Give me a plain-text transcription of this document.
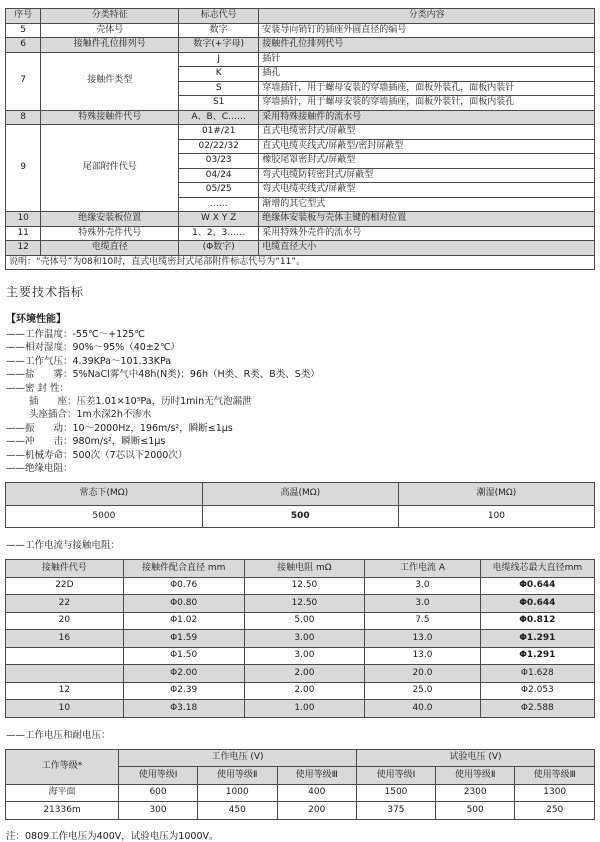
序号	分类特征	标志代号	分类内容
5	壳体号	数字	安装导向销钉的插座外圆直径的编号
6	接触件孔位排列号	数字(+字母)	接触件孔位排列代号
7	接触件类型	J	插针
		K	插孔
		S	穿墙插针，用于螺母安装的穿墙插座，面板外装孔，面板内装针
		S1	穿墙插针，用于螺母安装的穿墙插座，面板外装针，面板内装孔
8	特殊接触件代号	A、B、C……	采用特殊接触件的流水号
9	尾部附件代号	01#/21	直式电缆密封式/屏蔽型
		02/22/32	直式电缆夹线式/屏蔽型/密封屏蔽型
		03/23	橡胶尾罩密封式/屏蔽型
		04/24	弯式电缆防转密封式/屏蔽型
		05/25	弯式电缆夹线式/屏蔽型
		……	渐增的其它型式
10	绝缘安装板位置	W X Y Z	绝缘体安装板与壳体主键的相对位置
11	特殊外壳件代号	1、2、3……	采用特殊外壳件的流水号
12	电缆直径	(Φ数字)	电缆直径大小
说明：“壳体号”为08和10时，直式电缆密封式尾部附件标志代号为“11”。			
主要技术指标
【环境性能】
——工作温度：-55℃～+125℃
——相对湿度：90%～95%（40±2℃）
——工作气压：4.39KPa～101.33KPa
——盐　　雾：5%NaCl雾气中48h(N类)；96h（H类、R类、B类、S类）
——密 封 性：
插　　座：压差1.01×10⁵Pa，历时1min无气泡漏泄
头座插合：1m水深2h不渗水
——振　　动：10～2000Hz，196m/s²，瞬断≤1μs
——冲　　击：980m/s²，瞬断≤1μs
——机械寿命：500次（7芯以下2000次）
——绝缘电阻：
常态下(MΩ)	高温(MΩ)	潮湿(MΩ)
5000	500	100
——工作电流与接触电阻：
接触件代号	接触件配合直径 mm	接触电阻 mΩ	工作电流 A	电缆线芯最大直径mm
22D	Φ0.76	12.50	3.0	Φ0.644
22	Φ0.80	12.50	3.0	Φ0.644
20	Φ1.02	5.00	7.5	Φ0.812
16	Φ1.59	3.00	13.0	Φ1.291
	Φ1.50	3.00	13.0	Φ1.291
	Φ2.00	2.00	20.0	Φ1.628
12	Φ2.39	2.00	25.0	Φ2.053
10	Φ3.18	1.00	40.0	Φ2.588
——工作电压和耐电压：
工作等级*	工作电压 (V)			试验电压 (V)		
	使用等级Ⅰ	使用等级Ⅱ	使用等级Ⅲ	使用等级Ⅰ	使用等级Ⅱ	使用等级Ⅲ
海平面	600	1000	400	1500	2300	1300
21336m	300	450	200	375	500	250
注：0809工作电压为400V，试验电压为1000V。
